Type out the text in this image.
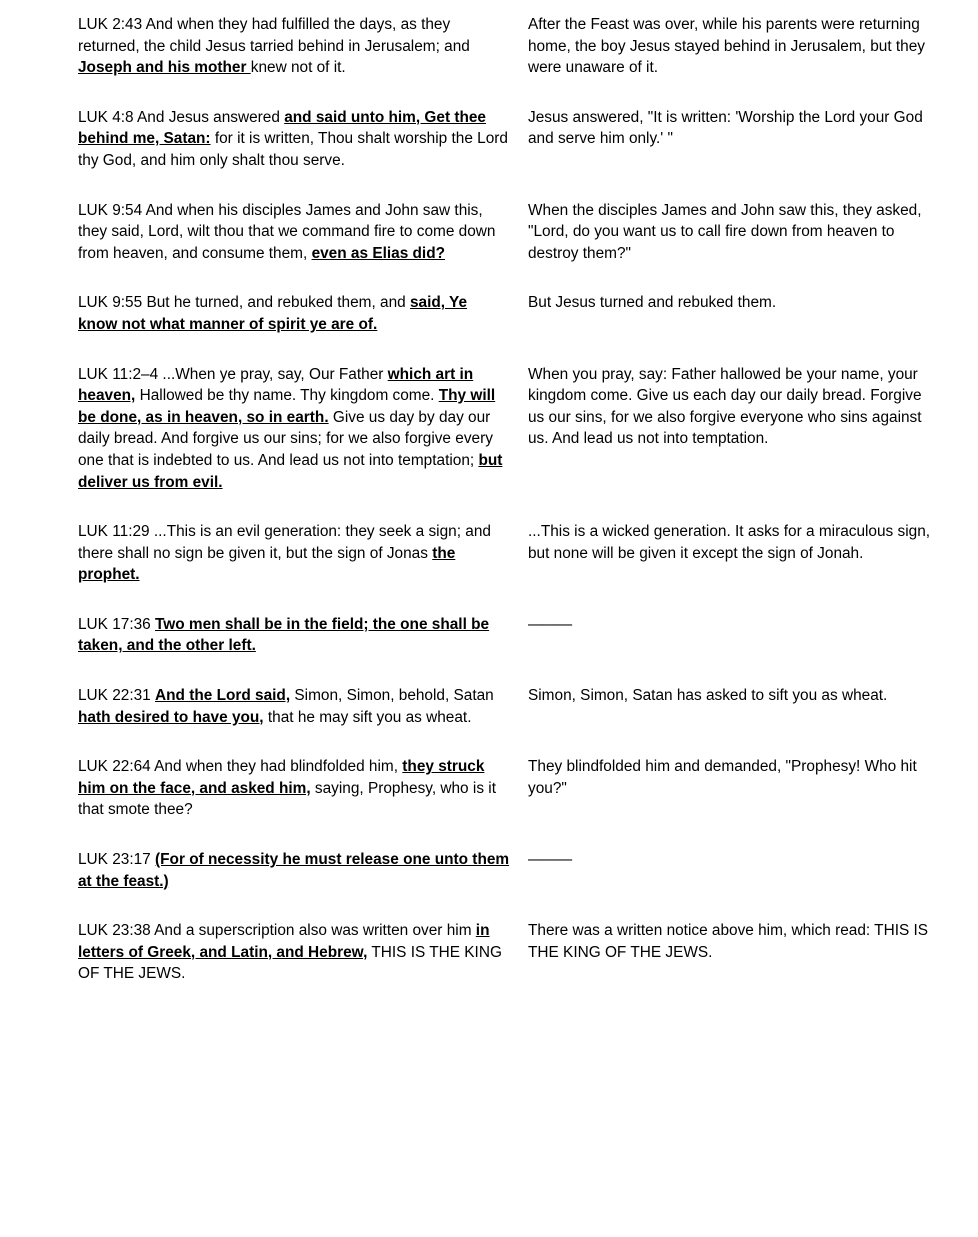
LUK 2:43 And when they had fulfilled the days, as they returned, the child Jesus tarried behind in Jerusalem; and Joseph and his mother knew not of it.
After the Feast was over, while his parents were returning home, the boy Jesus stayed behind in Jerusalem, but they were unaware of it.
LUK 4:8 And Jesus answered and said unto him, Get thee behind me, Satan: for it is written, Thou shalt worship the Lord thy God, and him only shalt thou serve.
Jesus answered, "It is written: 'Worship the Lord your God and serve him only.' "
LUK 9:54 And when his disciples James and John saw this, they said, Lord, wilt thou that we command fire to come down from heaven, and consume them, even as Elias did?
When the disciples James and John saw this, they asked, "Lord, do you want us to call fire down from heaven to destroy them?"
LUK 9:55 But he turned, and rebuked them, and said, Ye know not what manner of spirit ye are of.
But Jesus turned and rebuked them.
LUK 11:2–4 ...When ye pray, say, Our Father which art in heaven, Hallowed be thy name. Thy kingdom come. Thy will be done, as in heaven, so in earth. Give us day by day our daily bread. And forgive us our sins; for we also forgive every one that is indebted to us. And lead us not into temptation; but deliver us from evil.
When you pray, say: Father hallowed be your name, your kingdom come. Give us each day our daily bread. Forgive us our sins, for we also forgive everyone who sins against us. And lead us not into temptation.
LUK 11:29 ...This is an evil generation: they seek a sign; and there shall no sign be given it, but the sign of Jonas the prophet.
...This is a wicked generation. It asks for a miraculous sign, but none will be given it except the sign of Jonah.
LUK 17:36 Two men shall be in the field; the one shall be taken, and the other left.
———
LUK 22:31 And the Lord said, Simon, Simon, behold, Satan hath desired to have you, that he may sift you as wheat.
Simon, Simon, Satan has asked to sift you as wheat.
LUK 22:64 And when they had blindfolded him, they struck him on the face, and asked him, saying, Prophesy, who is it that smote thee?
They blindfolded him and demanded, "Prophesy! Who hit you?"
LUK 23:17 (For of necessity he must release one unto them at the feast.)
———
LUK 23:38 And a superscription also was written over him in letters of Greek, and Latin, and Hebrew, THIS IS THE KING OF THE JEWS.
There was a written notice above him, which read: THIS IS THE KING OF THE JEWS.
